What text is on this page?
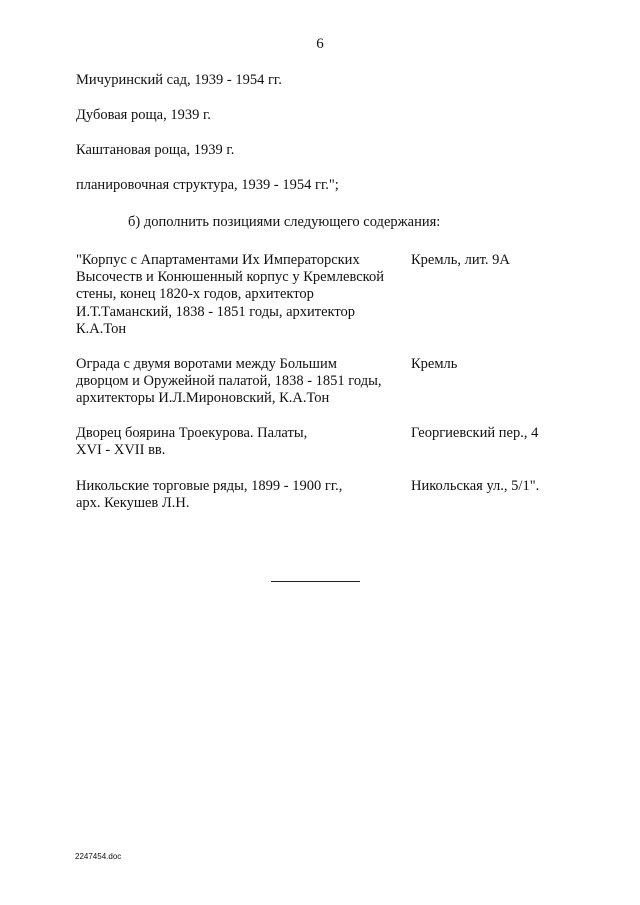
6
Мичуринский сад, 1939 - 1954 гг.
Дубовая роща, 1939 г.
Каштановая роща, 1939 г.
планировочная структура, 1939 - 1954 гг.";
б) дополнить позициями следующего содержания:
"Корпус с Апартаментами Их Императорских
Высочеств и Конюшенный корпус у Кремлевской
стены, конец 1820-х годов, архитектор
И.Т.Таманский, 1838 - 1851 годы, архитектор
К.А.Тон
Кремль, лит. 9А
Ограда с двумя воротами между Большим
дворцом и Оружейной палатой, 1838 - 1851 годы,
архитекторы И.Л.Мироновский, К.А.Тон
Кремль
Дворец боярина Троекурова. Палаты,
XVI - XVII вв.
Георгиевский пер., 4
Никольские торговые ряды, 1899 - 1900 гг.,
арх. Кекушев Л.Н.
Никольская ул., 5/1".
2247454.doc
